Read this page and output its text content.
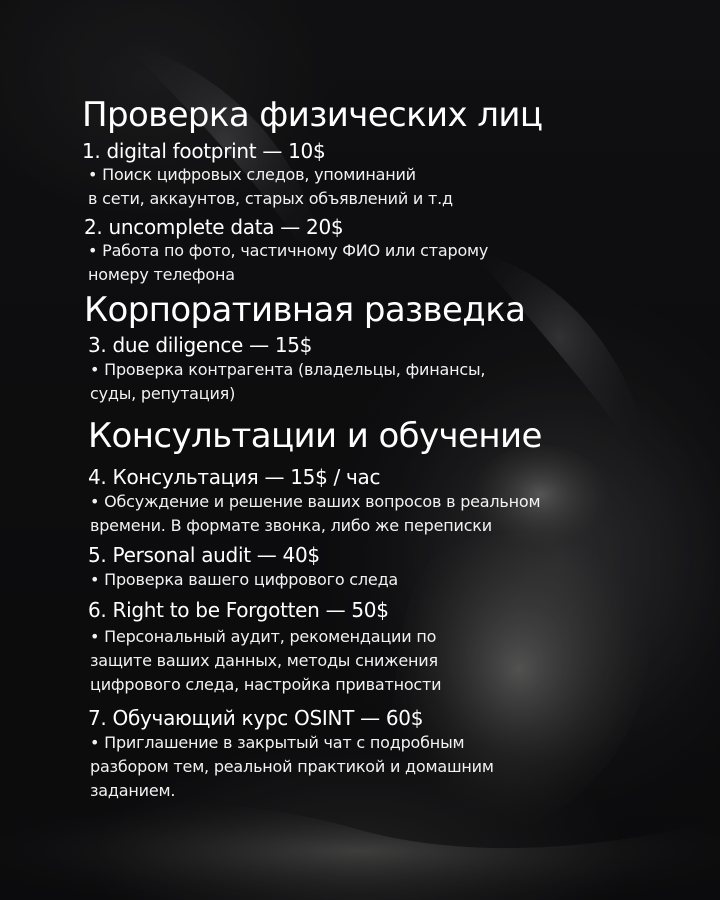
Проверка физических лиц
1. digital footprint — 10$
• Поиск цифровых следов, упоминаний
в сети, аккаунтов, старых объявлений и т.д
2. uncomplete data — 20$
• Работа по фото, частичному ФИО или старому
номеру телефона
Корпоративная разведка
3. due diligence — 15$
• Проверка контрагента (владельцы, финансы,
суды, репутация)
Консультации и обучение
4. Консультация — 15$ / час
• Обсуждение и решение ваших вопросов в реальном
времени. В формате звонка, либо же переписки
5. Personal audit — 40$
• Проверка вашего цифрового следа
6. Right to be Forgotten — 50$
• Персональный аудит, рекомендации по
защите ваших данных, методы снижения
цифрового следа, настройка приватности
7. Обучающий курс OSINT — 60$
• Приглашение в закрытый чат с подробным
разбором тем, реальной практикой и домашним
заданием.
